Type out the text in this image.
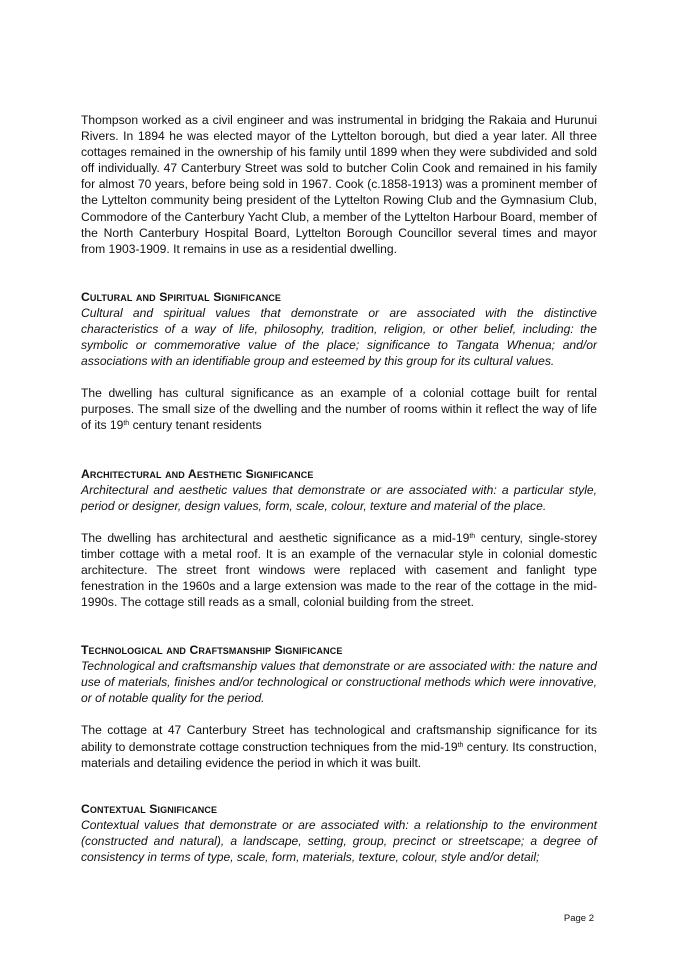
Thompson worked as a civil engineer and was instrumental in bridging the Rakaia and Hurunui Rivers. In 1894 he was elected mayor of the Lyttelton borough, but died a year later. All three cottages remained in the ownership of his family until 1899 when they were subdivided and sold off individually. 47 Canterbury Street was sold to butcher Colin Cook and remained in his family for almost 70 years, before being sold in 1967. Cook (c.1858-1913) was a prominent member of the Lyttelton community being president of the Lyttelton Rowing Club and the Gymnasium Club, Commodore of the Canterbury Yacht Club, a member of the Lyttelton Harbour Board, member of the North Canterbury Hospital Board, Lyttelton Borough Councillor several times and mayor from 1903-1909. It remains in use as a residential dwelling.

Cultural and Spiritual Significance

Cultural and spiritual values that demonstrate or are associated with the distinctive characteristics of a way of life, philosophy, tradition, religion, or other belief, including: the symbolic or commemorative value of the place; significance to Tangata Whenua; and/or associations with an identifiable group and esteemed by this group for its cultural values.

The dwelling has cultural significance as an example of a colonial cottage built for rental purposes. The small size of the dwelling and the number of rooms within it reflect the way of life of its 19th century tenant residents

Architectural and Aesthetic Significance

Architectural and aesthetic values that demonstrate or are associated with: a particular style, period or designer, design values, form, scale, colour, texture and material of the place.

The dwelling has architectural and aesthetic significance as a mid-19th century, single-storey timber cottage with a metal roof. It is an example of the vernacular style in colonial domestic architecture. The street front windows were replaced with casement and fanlight type fenestration in the 1960s and a large extension was made to the rear of the cottage in the mid-1990s. The cottage still reads as a small, colonial building from the street.

Technological and Craftsmanship Significance

Technological and craftsmanship values that demonstrate or are associated with: the nature and use of materials, finishes and/or technological or constructional methods which were innovative, or of notable quality for the period.

The cottage at 47 Canterbury Street has technological and craftsmanship significance for its ability to demonstrate cottage construction techniques from the mid-19th century. Its construction, materials and detailing evidence the period in which it was built.

Contextual Significance

Contextual values that demonstrate or are associated with: a relationship to the environment (constructed and natural), a landscape, setting, group, precinct or streetscape; a degree of consistency in terms of type, scale, form, materials, texture, colour, style and/or detail;

Page 2
